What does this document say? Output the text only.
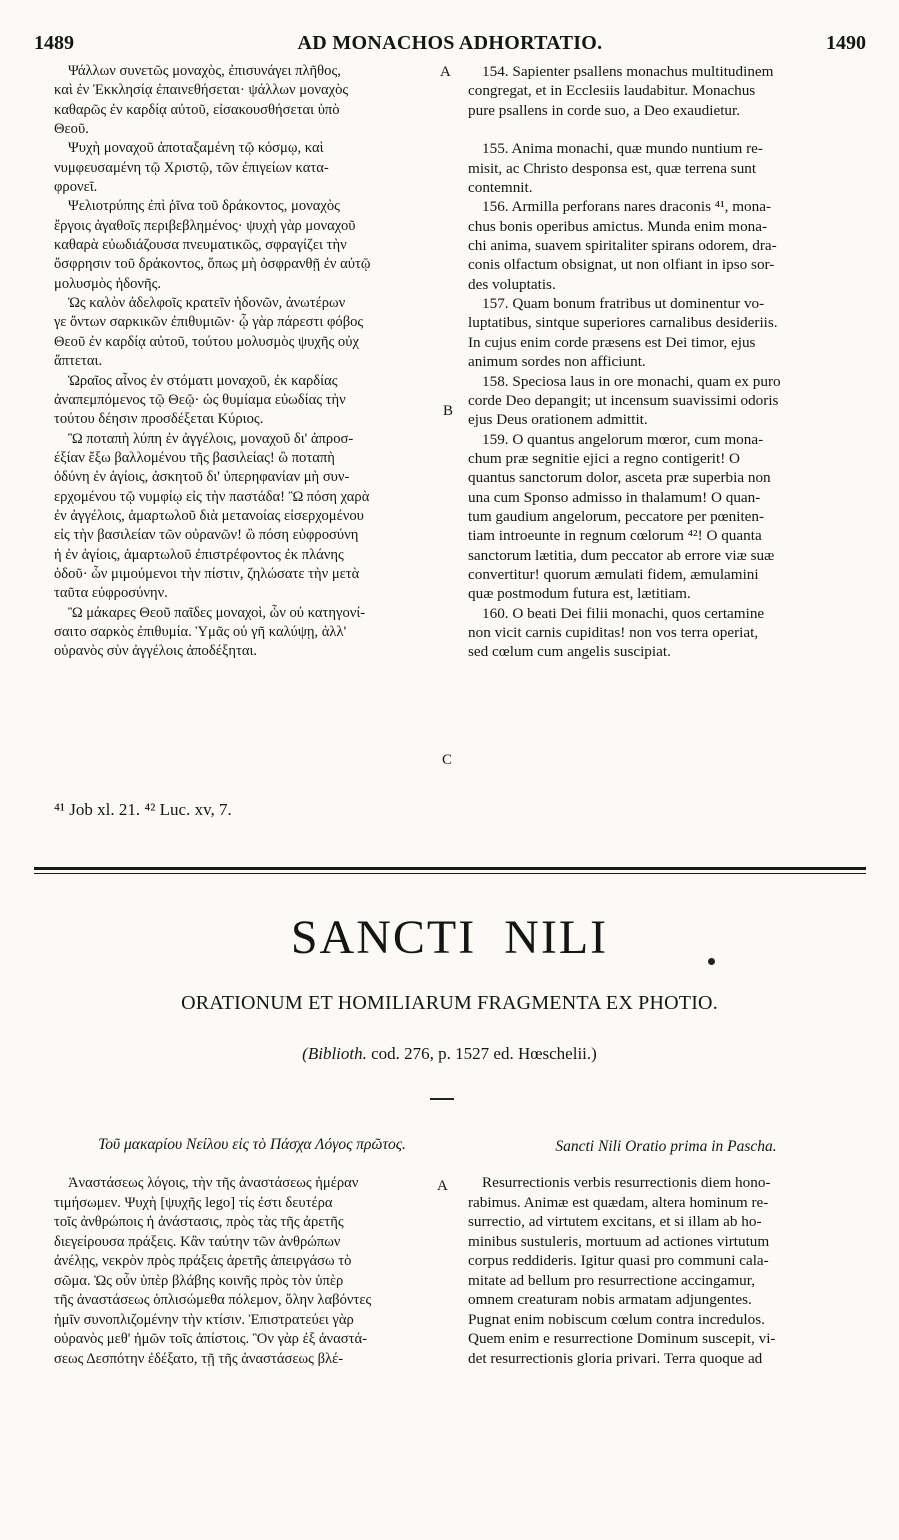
1489	AD MONACHOS ADHORTATIO.	1490
Ψάλλων συνετῶς μοναχὸς, ἐπισυνάγει πλῆθος,
καὶ ἐν Ἐκκλησίᾳ ἐπαινεθήσεται· ψάλλων μοναχὸς
καθαρῶς ἐν καρδίᾳ αὐτοῦ, εἰσακουσθήσεται ὑπὸ
Θεοῦ.
Ψυχὴ μοναχοῦ ἀποταξαμένη τῷ κόσμῳ, καὶ
νυμφευσαμένη τῷ Χριστῷ, τῶν ἐπιγείων κατα-
φρονεῖ.
Ψελιοτρύπης ἐπὶ ῥῖνα τοῦ δράκοντος, μοναχὸς
ἔργοις ἀγαθοῖς περιβεβλημένος· ψυχὴ γὰρ μοναχοῦ
καθαρὰ εὐωδιάζουσα πνευματικῶς, σφραγίζει τὴν
ὄσφρησιν τοῦ δράκοντος, ὅπως μὴ ὀσφρανθῇ ἐν αὐτῷ
μολυσμὸς ἡδονῆς.
Ὡς καλὸν ἀδελφοῖς κρατεῖν ἡδονῶν, ἀνωτέρων
γε ὄντων σαρκικῶν ἐπιθυμιῶν· ᾧ γὰρ πάρεστι φόβος
Θεοῦ ἐν καρδίᾳ αὐτοῦ, τούτου μολυσμὸς ψυχῆς οὐχ
ἅπτεται.
Ὡραῖος αἶνος ἐν στόματι μοναχοῦ, ἐκ καρδίας
ἀναπεμπόμενος τῷ Θεῷ· ὡς θυμίαμα εὐωδίας τὴν
τούτου δέησιν προσδέξεται Κύριος.
Ὢ ποταπὴ λύπη ἐν ἀγγέλοις, μοναχοῦ δι' ἀπροσ-
έξίαν ἔξω βαλλομένου τῆς βασιλείας! ὢ ποταπὴ
ὀδύνη ἐν ἁγίοις, ἀσκητοῦ δι' ὑπερηφανίαν μὴ συν-
ερχομένου τῷ νυμφίῳ εἰς τὴν παστάδα! Ὢ πόση χαρὰ
ἐν ἀγγέλοις, ἁμαρτωλοῦ διὰ μετανοίας εἰσερχομένου
εἰς τὴν βασιλείαν τῶν οὐρανῶν! ὢ πόση εὐφροσύνη
ἡ ἐν ἁγίοις, ἁμαρτωλοῦ ἐπιστρέφοντος ἐκ πλάνης
ὁδοῦ· ὧν μιμούμενοι τὴν πίστιν, ζηλώσατε τὴν μετὰ
ταῦτα εὐφροσύνην.
Ὢ μάκαρες Θεοῦ παῖδες μοναχοὶ, ὧν οὐ κατηγονί-
σαιτο σαρκὸς ἐπιθυμία. Ὑμᾶς οὐ γῆ καλύψῃ, ἀλλ'
οὐρανὸς σὺν ἀγγέλοις ἀποδέξηται.
154. Sapienter psallens monachus multitudinem
congregat, et in Ecclesiis laudabitur. Monachus
pure psallens in corde suo, a Deo exaudietur.
155. Anima monachi, quæ mundo nuntium re-
misit, ac Christo desponsa est, quæ terrena sunt
contemnit.
156. Armilla perforans nares draconis ⁴¹, mona-
chus bonis operibus amictus. Munda enim mona-
chi anima, suavem spiritaliter spirans odorem, dra-
conis olfactum obsignat, ut non olfiant in ipso sor-
des voluptatis.
157. Quam bonum fratribus ut dominentur vo-
luptatibus, sintque superiores carnalibus desideriis.
In cujus enim corde præsens est Dei timor, ejus
animum sordes non afficiunt.
158. Speciosa laus in ore monachi, quam ex puro
corde Deo depangit; ut incensum suavissimi odoris
ejus Deus orationem admittit.
159. O quantus angelorum mœror, cum mona-
chum præ segnitie ejici a regno contigerit! O
quantus sanctorum dolor, asceta præ superbia non
una cum Sponso admisso in thalamum! O quan-
tum gaudium angelorum, peccatore per pœniten-
tiam introeunte in regnum cœlorum ⁴²! O quanta
sanctorum lætitia, dum peccator ab errore viæ suæ
convertitur! quorum æmulati fidem, æmulamini
quæ postmodum futura est, lætitiam.
160. O beati Dei filii monachi, quos certamine
non vicit carnis cupiditas! non vos terra operiat,
sed cœlum cum angelis suscipiat.
A
B
C
⁴¹ Job xl. 21. ⁴² Luc. xv, 7.
SANCTI NILI
ORATIONUM ET HOMILIARUM FRAGMENTA EX PHOTIO.
(Biblioth. cod. 276, p. 1527 ed. Hœschelii.)
Τοῦ μακαρίου Νείλου εἰς τὸ Πάσχα Λόγος πρῶτος.	Sancti Nili Oratio prima in Pascha.
A
Ἀναστάσεως λόγοις, τὴν τῆς ἀναστάσεως ἡμέραν
τιμήσωμεν. Ψυχὴ [ψυχῆς lego] τίς ἐστι δευτέρα
τοῖς ἀνθρώποις ἡ ἀνάστασις, πρὸς τὰς τῆς ἀρετῆς
διεγείρουσα πράξεις. Κἂν ταύτην τῶν ἀνθρώπων
ἀνέλῃς, νεκρὸν πρὸς πράξεις ἀρετῆς ἀπειργάσω τὸ
σῶμα. Ὡς οὖν ὑπὲρ βλάβης κοινῆς πρὸς τὸν ὑπὲρ
τῆς ἀναστάσεως ὁπλισώμεθα πόλεμον, ὅλην λαβόντες
ἡμῖν συνοπλιζομένην τὴν κτίσιν. Ἐπιστρατεύει γὰρ
οὐρανὸς μεθ' ἡμῶν τοῖς ἀπίστοις. Ὃν γὰρ ἐξ ἀναστά-
σεως Δεσπότην ἐδέξατο, τῇ τῆς ἀναστάσεως βλέ-
Resurrectionis verbis resurrectionis diem hono-
rabimus. Animæ est quædam, altera hominum re-
surrectio, ad virtutem excitans, et si illam ab ho-
minibus sustuleris, mortuum ad actiones virtutum
corpus reddideris. Igitur quasi pro communi cala-
mitate ad bellum pro resurrectione accingamur,
omnem creaturam nobis armatam adjungentes.
Pugnat enim nobiscum cœlum contra incredulos.
Quem enim e resurrectione Dominum suscepit, vi-
det resurrectionis gloria privari. Terra quoque ad
